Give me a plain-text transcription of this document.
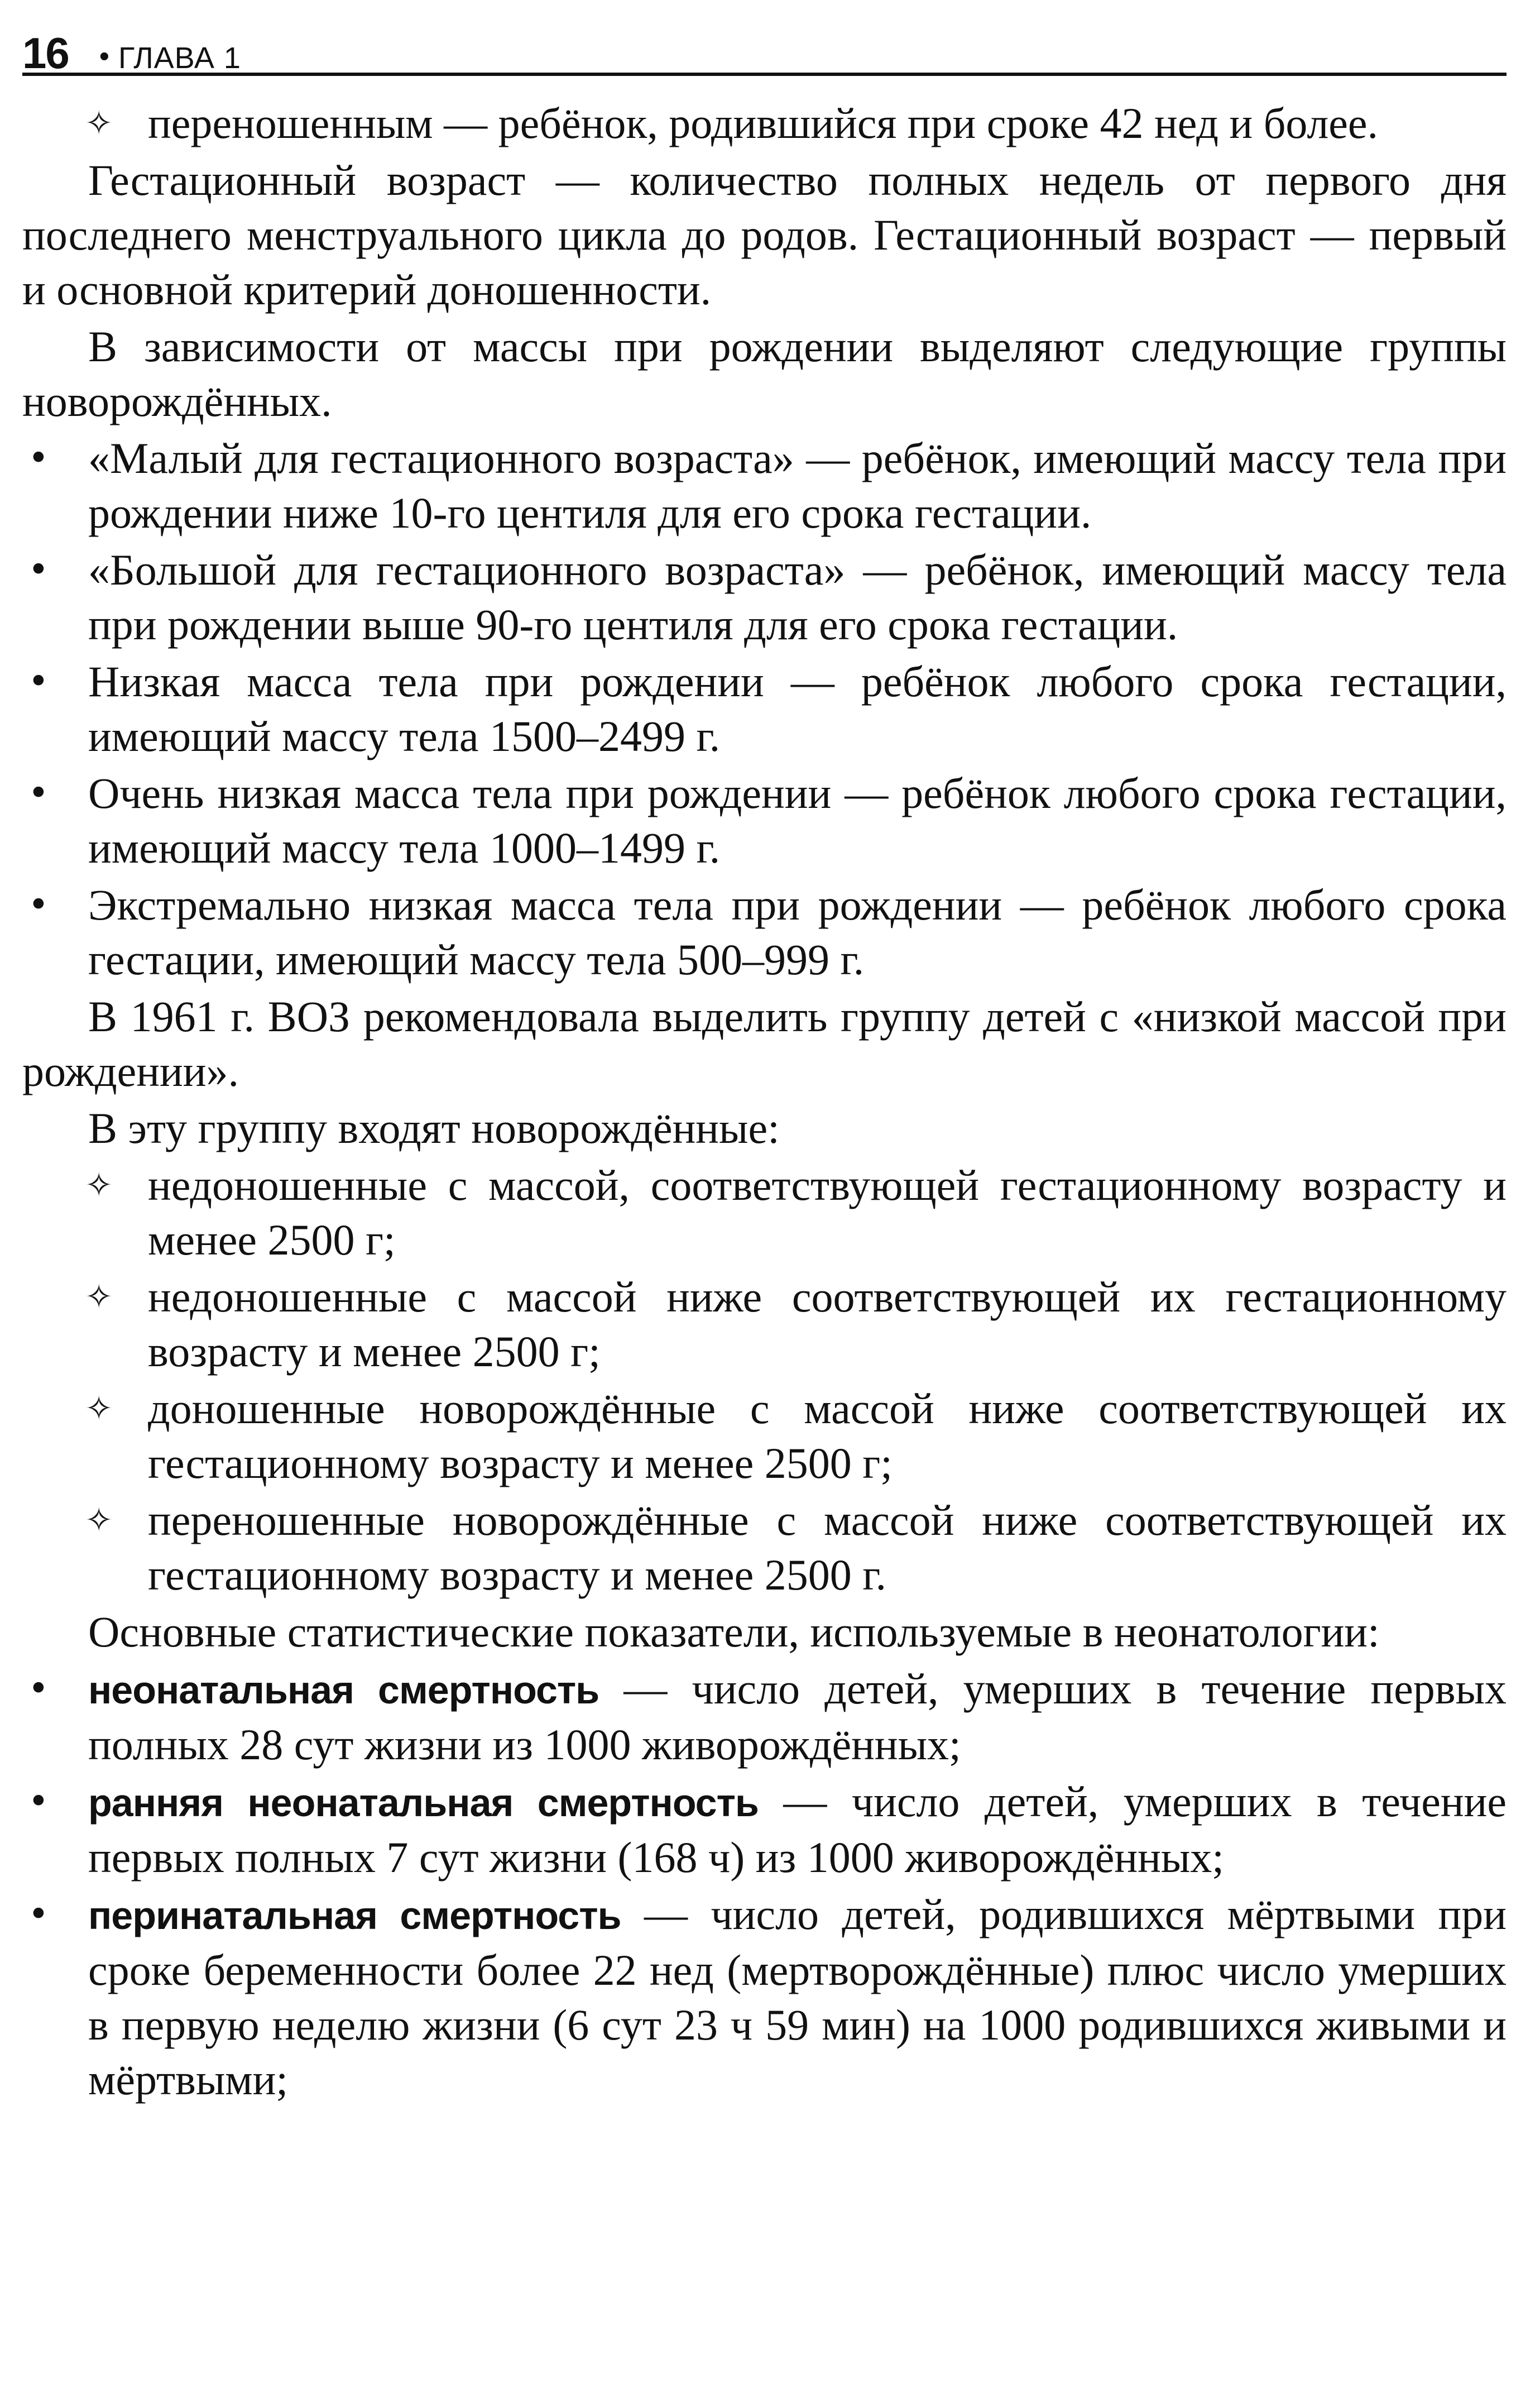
16 • ГЛАВА 1

✧ переношенным — ребёнок, родившийся при сроке 42 нед и более.

Гестационный возраст — количество полных недель от первого дня последнего менструального цикла до родов. Гестационный возраст — первый и основной критерий доношенности.

В зависимости от массы при рождении выделяют следующие группы новорождённых.

• «Малый для гестационного возраста» — ребёнок, имеющий массу тела при рождении ниже 10-го центиля для его срока гестации.

• «Большой для гестационного возраста» — ребёнок, имеющий массу тела при рождении выше 90-го центиля для его срока гестации.

• Низкая масса тела при рождении — ребёнок любого срока гестации, имеющий массу тела 1500–2499 г.

• Очень низкая масса тела при рождении — ребёнок любого срока гестации, имеющий массу тела 1000–1499 г.

• Экстремально низкая масса тела при рождении — ребёнок любого срока гестации, имеющий массу тела 500–999 г.

В 1961 г. ВОЗ рекомендовала выделить группу детей с «низкой массой при рождении».

В эту группу входят новорождённые:

✧ недоношенные с массой, соответствующей гестационному возрасту и менее 2500 г;

✧ недоношенные с массой ниже соответствующей их гестационному возрасту и менее 2500 г;

✧ доношенные новорождённые с массой ниже соответствующей их гестационному возрасту и менее 2500 г;

✧ переношенные новорождённые с массой ниже соответствующей их гестационному возрасту и менее 2500 г.

Основные статистические показатели, используемые в неонатологии:

• неонатальная смертность — число детей, умерших в течение первых полных 28 сут жизни из 1000 живорождённых;

• ранняя неонатальная смертность — число детей, умерших в течение первых полных 7 сут жизни (168 ч) из 1000 живорождённых;

• перинатальная смертность — число детей, родившихся мёртвыми при сроке беременности более 22 нед (мертворождённые) плюс число умерших в первую неделю жизни (6 сут 23 ч 59 мин) на 1000 родившихся живыми и мёртвыми;
